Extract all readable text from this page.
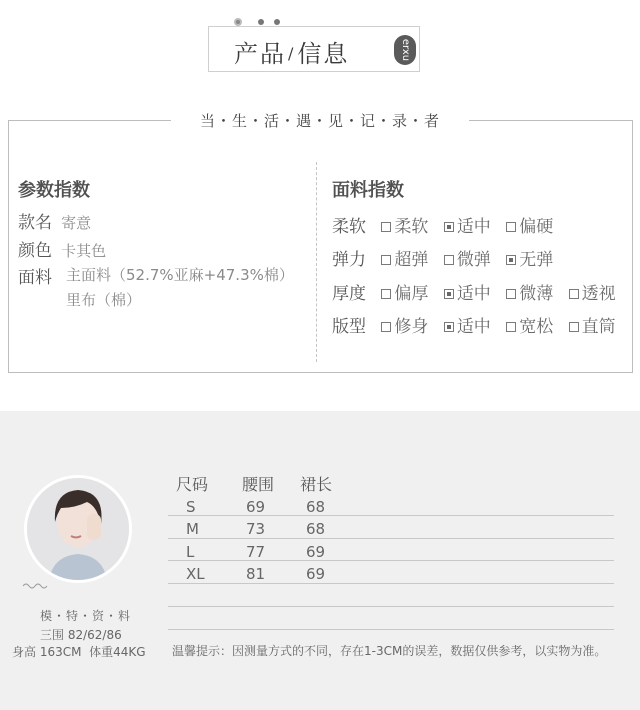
产品 /信息	erxu
当・生・活・遇・见・记・录・者
参数指数
款名 寄意
颜色 卡其色
面料 主面料（52.7%亚麻+47.3%棉）
里布（棉）
面料指数
柔软 柔软 适中 偏硬
弹力 超弹 微弹 无弹
厚度 偏厚 适中 微薄 透视
版型 修身 适中 宽松 直筒
模・特・资・料
三围 82/62/86
身高 163CM  体重44KG
尺码 腰围 裙长
S	69	68
M	73	68
L	77	69
XL	81	69
温馨提示：因测量方式的不同，存在1-3CM的误差，数据仅供参考，以实物为准。
